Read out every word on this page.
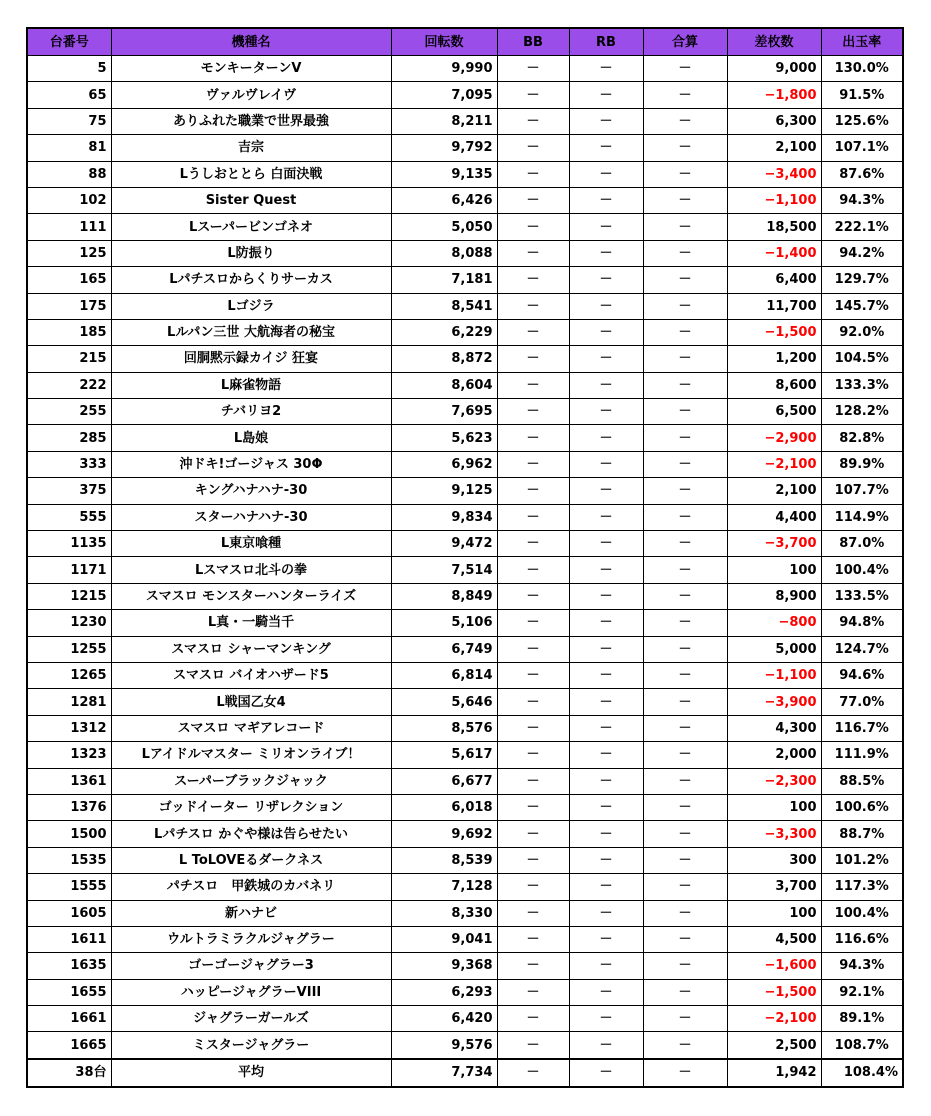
台番号	機種名	回転数	BB	RB	合算	差枚数	出玉率
5	モンキーターンⅤ	9,990	－	－	－	9,000	130.0%
65	ヴァルヴレイヴ	7,095	－	－	－	−1,800	91.5%
75	ありふれた職業で世界最強	8,211	－	－	－	6,300	125.6%
81	吉宗	9,792	－	－	－	2,100	107.1%
88	Lうしおととら 白面決戦	9,135	－	－	－	−3,400	87.6%
102	Sister Quest	6,426	－	－	－	−1,100	94.3%
111	Lスーパービンゴネオ	5,050	－	－	－	18,500	222.1%
125	L防振り	8,088	－	－	－	−1,400	94.2%
165	Lパチスロからくりサーカス	7,181	－	－	－	6,400	129.7%
175	Lゴジラ	8,541	－	－	－	11,700	145.7%
185	Lルパン三世 大航海者の秘宝	6,229	－	－	－	−1,500	92.0%
215	回胴黙示録カイジ 狂宴	8,872	－	－	－	1,200	104.5%
222	L麻雀物語	8,604	－	－	－	8,600	133.3%
255	チバリヨ2	7,695	－	－	－	6,500	128.2%
285	L島娘	5,623	－	－	－	−2,900	82.8%
333	沖ドキ!ゴージャス 30Φ	6,962	－	－	－	−2,100	89.9%
375	キングハナハナ-30	9,125	－	－	－	2,100	107.7%
555	スターハナハナ-30	9,834	－	－	－	4,400	114.9%
1135	L東京喰種	9,472	－	－	－	−3,700	87.0%
1171	Lスマスロ北斗の拳	7,514	－	－	－	100	100.4%
1215	スマスロ モンスターハンターライズ	8,849	－	－	－	8,900	133.5%
1230	L真・一騎当千	5,106	－	－	－	−800	94.8%
1255	スマスロ シャーマンキング	6,749	－	－	－	5,000	124.7%
1265	スマスロ バイオハザード5	6,814	－	－	－	−1,100	94.6%
1281	L戦国乙女4	5,646	－	－	－	−3,900	77.0%
1312	スマスロ マギアレコード	8,576	－	－	－	4,300	116.7%
1323	Lアイドルマスター ミリオンライブ！	5,617	－	－	－	2,000	111.9%
1361	スーパーブラックジャック	6,677	－	－	－	−2,300	88.5%
1376	ゴッドイーター リザレクション	6,018	－	－	－	100	100.6%
1500	Lパチスロ かぐや様は告らせたい	9,692	－	－	－	−3,300	88.7%
1535	L ToLOVEるダークネス	8,539	－	－	－	300	101.2%
1555	パチスロ　甲鉄城のカバネリ	7,128	－	－	－	3,700	117.3%
1605	新ハナビ	8,330	－	－	－	100	100.4%
1611	ウルトラミラクルジャグラー	9,041	－	－	－	4,500	116.6%
1635	ゴーゴージャグラー3	9,368	－	－	－	−1,600	94.3%
1655	ハッピージャグラーVIII	6,293	－	－	－	−1,500	92.1%
1661	ジャグラーガールズ	6,420	－	－	－	−2,100	89.1%
1665	ミスタージャグラー	9,576	－	－	－	2,500	108.7%
38台	平均	7,734	－	－	－	1,942	108.4%
